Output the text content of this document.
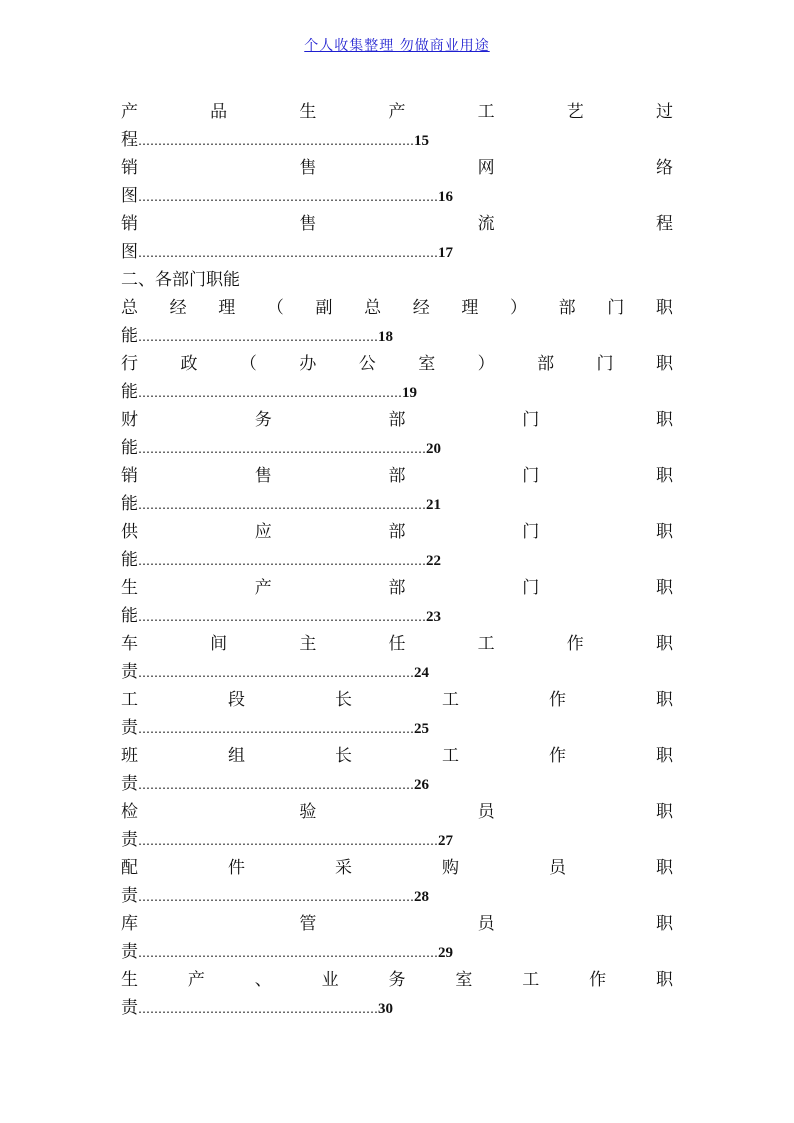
个人收集整理 勿做商业用途
产	品	生	产	工	艺	过
程……………………………………………………………15
销	售	网	络
图…………………………………………………………………16
销	售	流	程
图…………………………………………………………………17
二、各部门职能
总 经 理 （ 副 总 经 理 ） 部 门 职
能……………………………………………………18
行 政 （ 办 公 室 ） 部 门 职
能…………………………………………………………19
财	务	部	门	职
能………………………………………………………………20
销	售	部	门	职
能………………………………………………………………21
供	应	部	门	职
能………………………………………………………………22
生	产	部	门	职
能………………………………………………………………23
车	间	主	任	工	作	职
责……………………………………………………………24
工	段	长	工	作	职
责……………………………………………………………25
班	组	长	工	作	职
责……………………………………………………………26
检	验	员	职
责…………………………………………………………………27
配	件	采	购	员	职
责……………………………………………………………28
库	管	员	职
责…………………………………………………………………29
生	产	、	业	务	室	工	作	职
责……………………………………………………30
